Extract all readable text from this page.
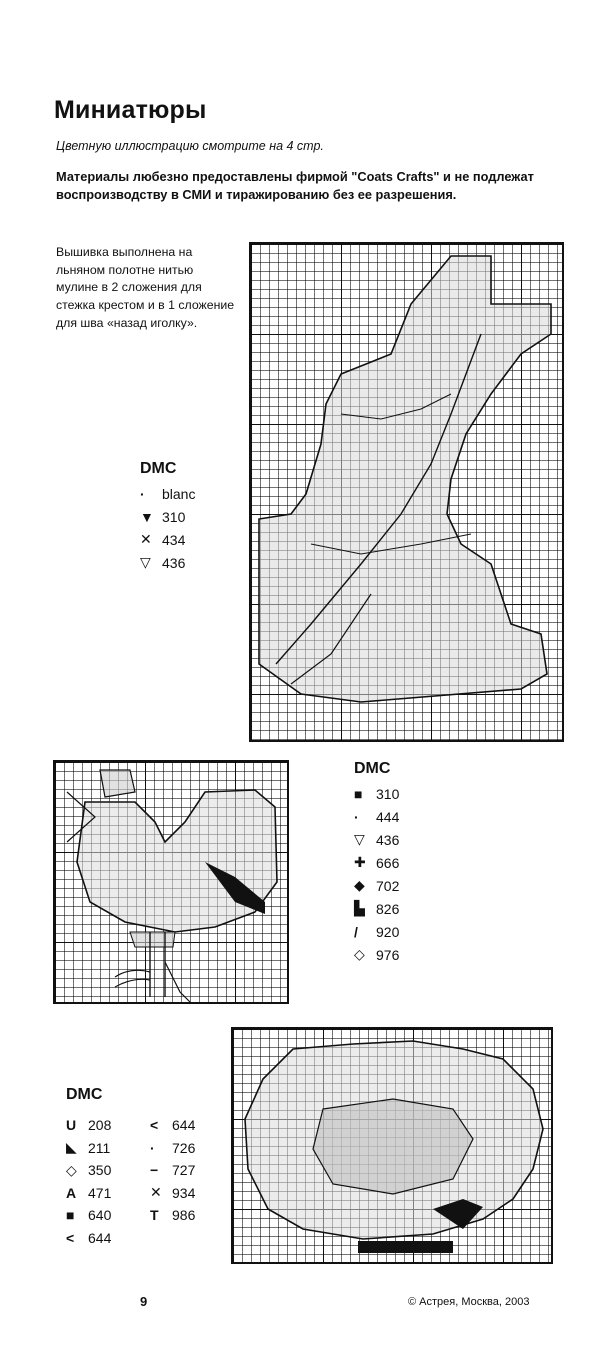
Миниатюры
Цветную иллюстрацию смотрите на 4 стр.
Материалы любезно предоставлены фирмой "Coats Crafts" и не подлежат воспроизводству в СМИ и тиражированию без ее разрешения.
Вышивка выполнена на льняном полотне нитью мулине в 2 сложения для стежка крестом и в 1 сложение для шва «назад иголку».
DMC
·	blanc
▼ 310
✕ 434
▽ 436
DMC
■ 310
·	444
▽ 436
✚ 666
◆ 702
▙ 826
/	920
◇ 976
DMC
U 208
◣ 211
◇ 350
A 471
■ 640
< 644
< 644
·	726
− 727
✕ 934
T 986
9	© Астрея, Москва, 2003
